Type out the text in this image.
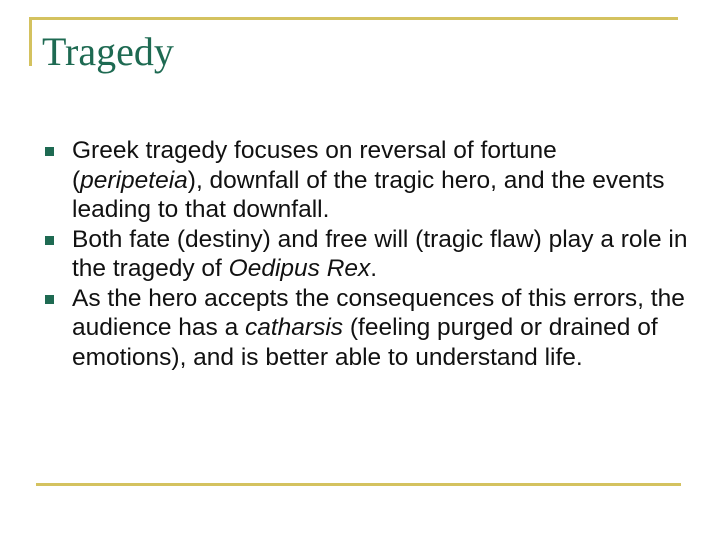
Tragedy
Greek tragedy focuses on reversal of fortune (peripeteia), downfall of the tragic hero, and the events leading to that downfall.
Both fate (destiny) and free will (tragic flaw) play a role in the tragedy of Oedipus Rex.
As the hero accepts the consequences of this errors, the audience has a catharsis (feeling purged or drained of emotions), and is better able to understand life.
